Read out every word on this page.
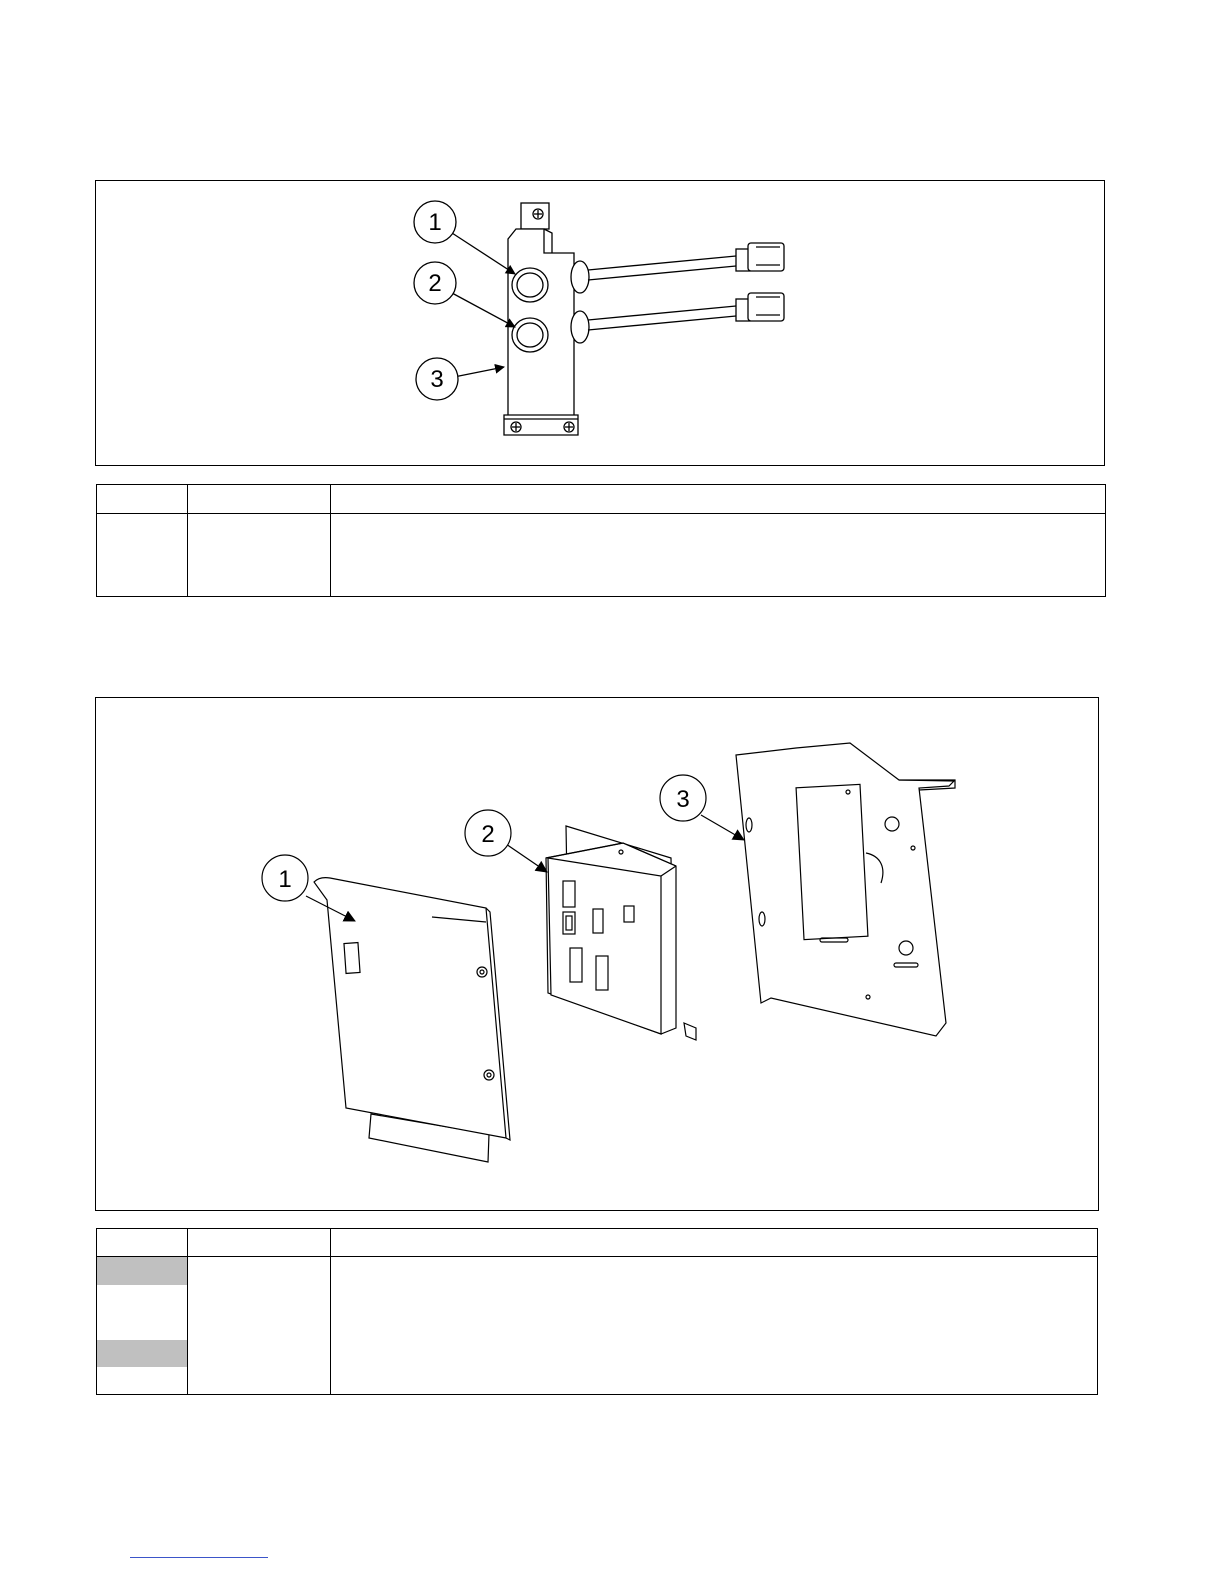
1
2
3

1
2
3
